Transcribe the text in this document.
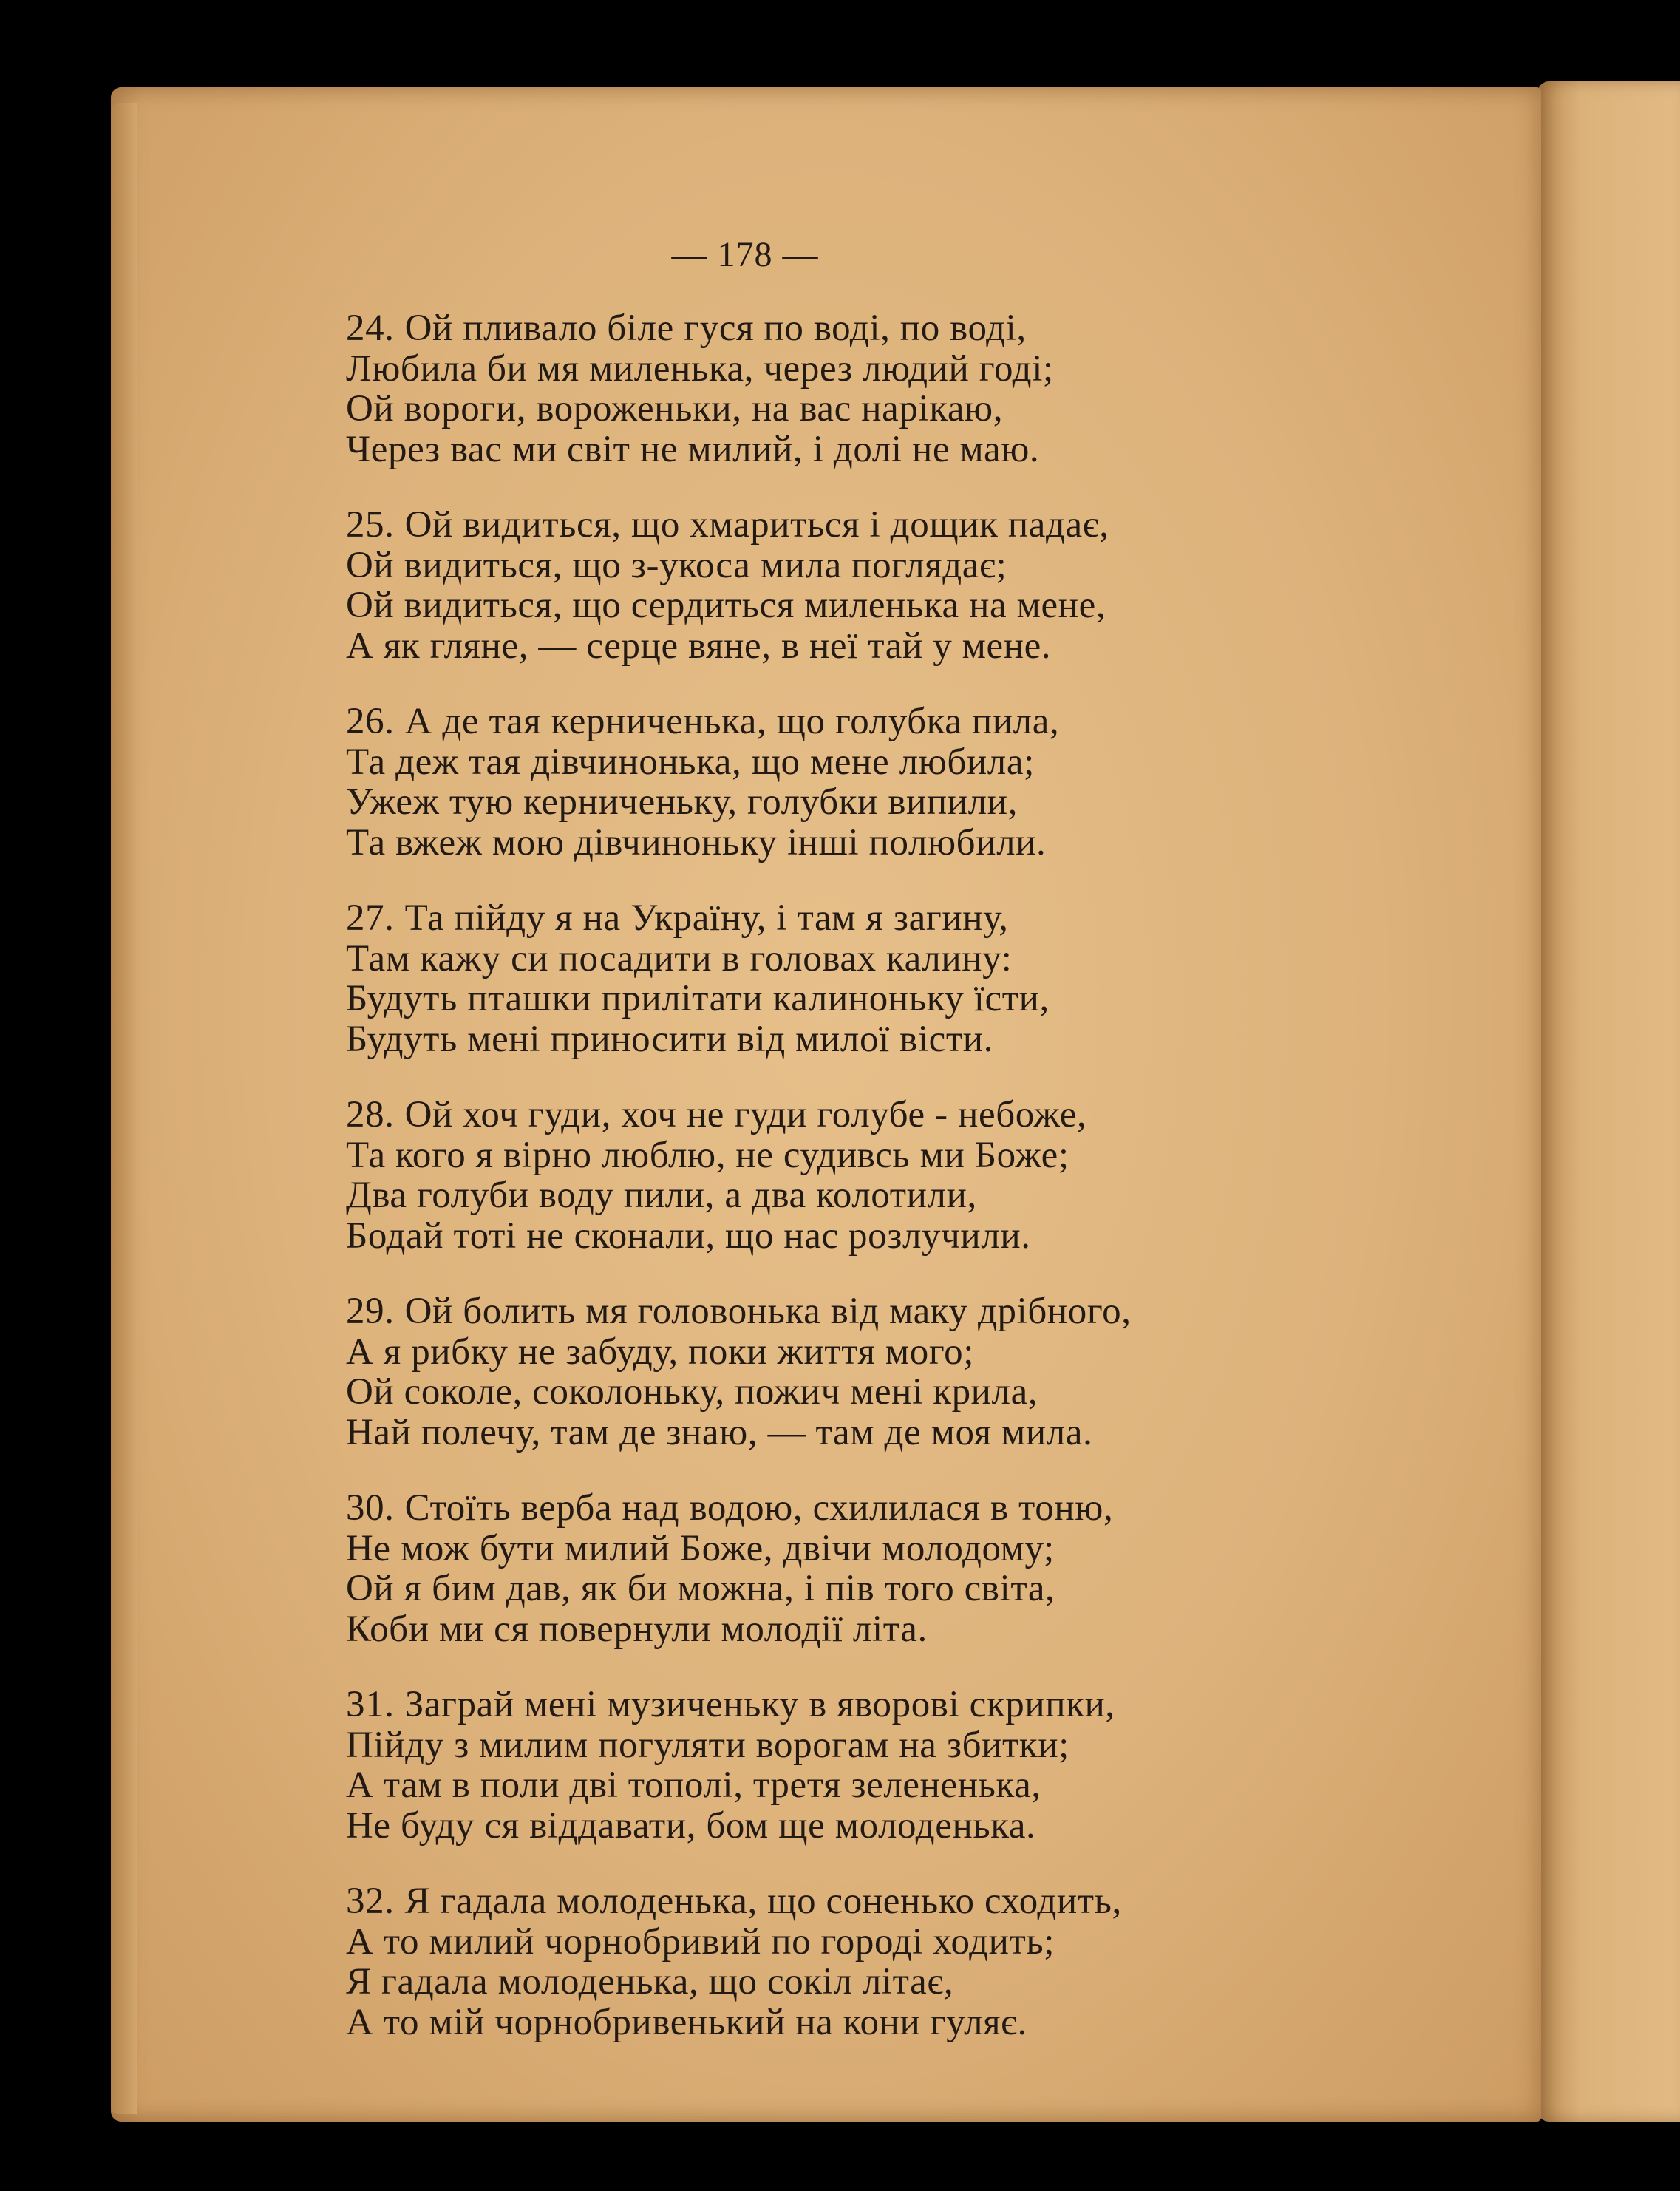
— 178 —
24. Ой пливало біле гуся по воді, по воді,
Любила би мя миленька, через людий годі;
Ой вороги, вороженьки, на вас нарікаю,
Через вас ми світ не милий, і долі не маю.
25. Ой видиться, що хмариться і дощик падає,
Ой видиться, що з-укоса мила поглядає;
Ой видиться, що сердиться миленька на мене,
А як гляне, — серце вяне, в неї тай у мене.
26. А де тая керниченька, що голубка пила,
Та деж тая дівчинонька, що мене любила;
Ужеж тую керниченьку, голубки випили,
Та вжеж мою дівчиноньку інші полюбили.
27. Та пійду я на Україну, і там я загину,
Там кажу си посадити в головах калину:
Будуть пташки прилітати калиноньку їсти,
Будуть мені приносити від милої вісти.
28. Ой хоч гуди, хоч не гуди голубе - небоже,
Та кого я вірно люблю, не судивсь ми Боже;
Два голуби воду пили, а два колотили,
Бодай тоті не сконали, що нас розлучили.
29. Ой болить мя головонька від маку дрібного,
А я рибку не забуду, поки життя мого;
Ой соколе, соколоньку, пожич мені крила,
Най полечу, там де знаю, — там де моя мила.
30. Стоїть верба над водою, схилилася в тоню,
Не мож бути милий Боже, двічи молодому;
Ой я бим дав, як би можна, і пів того світа,
Коби ми ся повернули молодії літа.
31. Заграй мені музиченьку в яворові скрипки,
Пійду з милим погуляти ворогам на збитки;
А там в поли дві тополі, третя зелененька,
Не буду ся віддавати, бом ще молоденька.
32. Я гадала молоденька, що соненько сходить,
А то милий чорнобривий по городі ходить;
Я гадала молоденька, що сокіл літає,
А то мій чорнобривенький на кони гуляє.
